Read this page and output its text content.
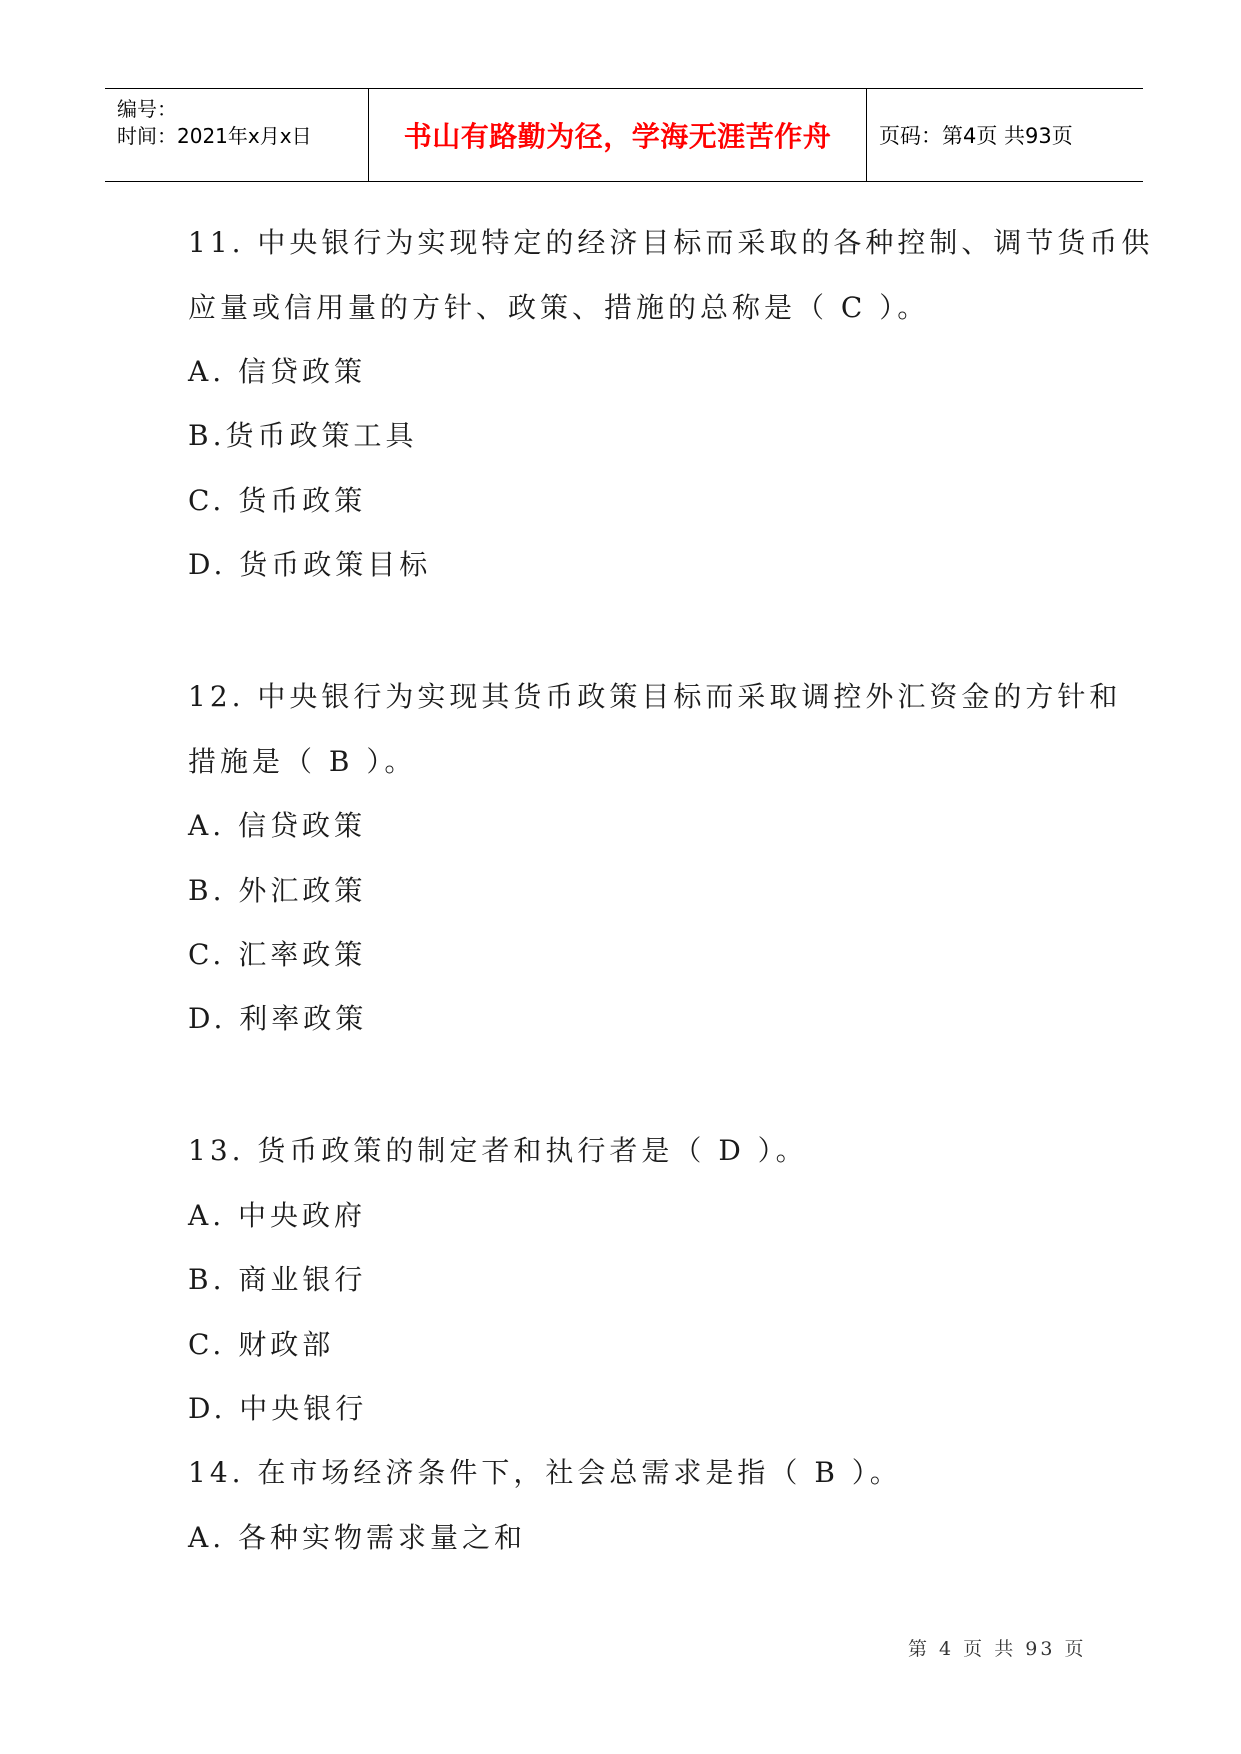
编号：
时间：2021年x月x日	书山有路勤为径，学海无涯苦作舟	页码：第4页 共93页
11. 中央银行为实现特定的经济目标而采取的各种控制、调节货币供
应量或信用量的方针、政策、措施的总称是（ C ）。
A. 信贷政策
B.货币政策工具
C. 货币政策
D. 货币政策目标
12. 中央银行为实现其货币政策目标而采取调控外汇资金的方针和
措施是（ B ）。
A. 信贷政策
B. 外汇政策
C. 汇率政策
D. 利率政策
13. 货币政策的制定者和执行者是（ D ）。
A. 中央政府
B. 商业银行
C. 财政部
D. 中央银行
14. 在市场经济条件下，社会总需求是指（ B ）。
A. 各种实物需求量之和
第 4 页 共 93 页
